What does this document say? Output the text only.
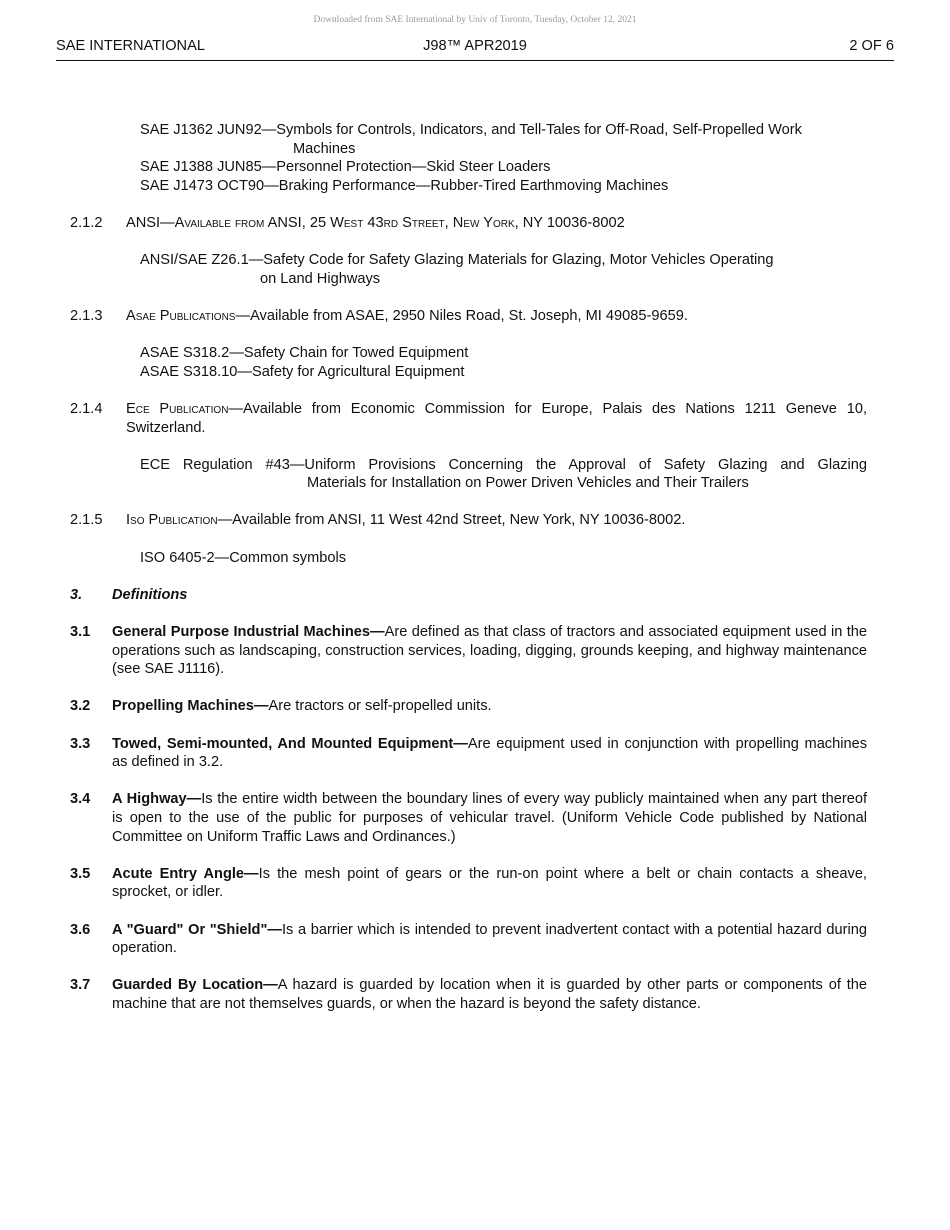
Downloaded from SAE International by Univ of Toronto, Tuesday, October 12, 2021
SAE INTERNATIONAL	J98™ APR2019	2 OF 6
SAE J1362 JUN92—Symbols for Controls, Indicators, and Tell-Tales for Off-Road, Self-Propelled Work
Machines
SAE J1388 JUN85—Personnel Protection—Skid Steer Loaders
SAE J1473 OCT90—Braking Performance—Rubber-Tired Earthmoving Machines
2.1.2 ANSI—Available from ANSI, 25 West 43rd Street, New York, NY 10036-8002
ANSI/SAE Z26.1—Safety Code for Safety Glazing Materials for Glazing, Motor Vehicles Operating
on Land Highways
2.1.3 Asae Publications—Available from ASAE, 2950 Niles Road, St. Joseph, MI 49085-9659.
ASAE S318.2—Safety Chain for Towed Equipment
ASAE S318.10—Safety for Agricultural Equipment
2.1.4 Ece Publication—Available from Economic Commission for Europe, Palais des Nations 1211 Geneve 10, Switzerland.
ECE Regulation #43—Uniform Provisions Concerning the Approval of Safety Glazing and Glazing
Materials for Installation on Power Driven Vehicles and Their Trailers
2.1.5 Iso Publication—Available from ANSI, 11 West 42nd Street, New York, NY 10036-8002.
ISO 6405-2—Common symbols
3. Definitions
3.1 General Purpose Industrial Machines—Are defined as that class of tractors and associated equipment used in the operations such as landscaping, construction services, loading, digging, grounds keeping, and highway maintenance (see SAE J1116).
3.2 Propelling Machines—Are tractors or self-propelled units.
3.3 Towed, Semi-mounted, And Mounted Equipment—Are equipment used in conjunction with propelling machines as defined in 3.2.
3.4 A Highway—Is the entire width between the boundary lines of every way publicly maintained when any part thereof is open to the use of the public for purposes of vehicular travel. (Uniform Vehicle Code published by National Committee on Uniform Traffic Laws and Ordinances.)
3.5 Acute Entry Angle—Is the mesh point of gears or the run-on point where a belt or chain contacts a sheave, sprocket, or idler.
3.6 A "Guard" Or "Shield"—Is a barrier which is intended to prevent inadvertent contact with a potential hazard during operation.
3.7 Guarded By Location—A hazard is guarded by location when it is guarded by other parts or components of the machine that are not themselves guards, or when the hazard is beyond the safety distance.
